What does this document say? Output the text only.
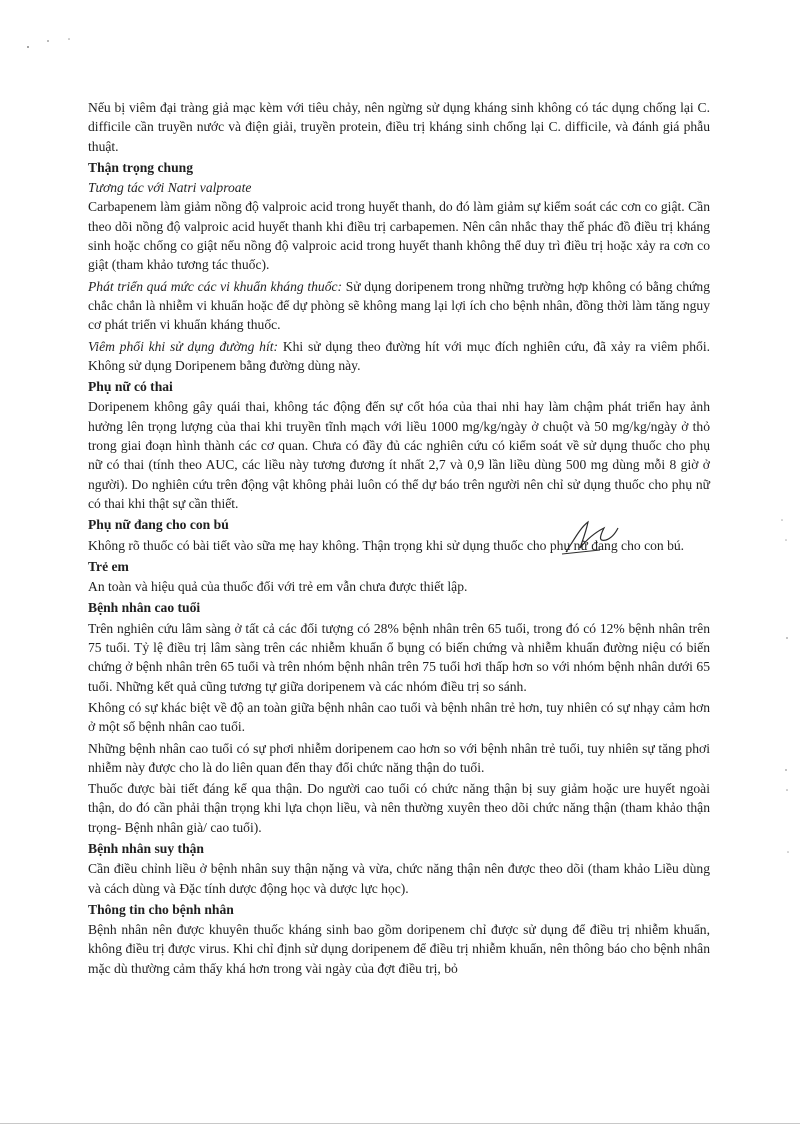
Nếu bị viêm đại tràng giả mạc kèm với tiêu chảy, nên ngừng sử dụng kháng sinh không có tác dụng chống lại C. difficile cần truyền nước và điện giải, truyền protein, điều trị kháng sinh chống lại C. difficile, và đánh giá phẫu thuật.

Thận trọng chung
Tương tác với Natri valproate

Carbapenem làm giảm nồng độ valproic acid trong huyết thanh, do đó làm giảm sự kiểm soát các cơn co giật. Cần theo dõi nồng độ valproic acid huyết thanh khi điều trị carbapemen. Nên cân nhắc thay thế phác đồ điều trị kháng sinh hoặc chống co giật nếu nồng độ valproic acid trong huyết thanh không thể duy trì điều trị hoặc xảy ra cơn co giật (tham khảo tương tác thuốc).

Phát triển quá mức các vi khuẩn kháng thuốc: Sử dụng doripenem trong những trường hợp không có bằng chứng chắc chắn là nhiễm vi khuẩn hoặc để dự phòng sẽ không mang lại lợi ích cho bệnh nhân, đồng thời làm tăng nguy cơ phát triển vi khuẩn kháng thuốc.

Viêm phổi khi sử dụng đường hít: Khi sử dụng theo đường hít với mục đích nghiên cứu, đã xảy ra viêm phổi. Không sử dụng Doripenem bằng đường dùng này.

Phụ nữ có thai

Doripenem không gây quái thai, không tác động đến sự cốt hóa của thai nhi hay làm chậm phát triển hay ảnh hưởng lên trọng lượng của thai khi truyền tĩnh mạch với liều 1000 mg/kg/ngày ở chuột và 50 mg/kg/ngày ở thỏ trong giai đoạn hình thành các cơ quan. Chưa có đầy đủ các nghiên cứu có kiểm soát về sử dụng thuốc cho phụ nữ có thai (tính theo AUC, các liều này tương đương ít nhất 2,7 và 0,9 lần liều dùng 500 mg dùng mỗi 8 giờ ở người). Do nghiên cứu trên động vật không phải luôn có thể dự báo trên người nên chỉ sử dụng thuốc cho phụ nữ có thai khi thật sự cần thiết.

Phụ nữ đang cho con bú

Không rõ thuốc có bài tiết vào sữa mẹ hay không. Thận trọng khi sử dụng thuốc cho phụ nữ đang cho con bú.

Trẻ em

An toàn và hiệu quả của thuốc đối với trẻ em vẫn chưa được thiết lập.

Bệnh nhân cao tuổi

Trên nghiên cứu lâm sàng ở tất cả các đối tượng có 28% bệnh nhân trên 65 tuổi, trong đó có 12% bệnh nhân trên 75 tuổi. Tỷ lệ điều trị lâm sàng trên các nhiễm khuẩn ổ bụng có biến chứng và nhiễm khuẩn đường niệu có biến chứng ở bệnh nhân trên 65 tuổi và trên nhóm bệnh nhân trên 75 tuổi hơi thấp hơn so với nhóm bệnh nhân dưới 65 tuổi. Những kết quả cũng tương tự giữa doripenem và các nhóm điều trị so sánh.

Không có sự khác biệt về độ an toàn giữa bệnh nhân cao tuổi và bệnh nhân trẻ hơn, tuy nhiên có sự nhạy cảm hơn ở một số bệnh nhân cao tuổi.

Những bệnh nhân cao tuổi có sự phơi nhiễm doripenem cao hơn so với bệnh nhân trẻ tuổi, tuy nhiên sự tăng phơi nhiễm này được cho là do liên quan đến thay đổi chức năng thận do tuổi.

Thuốc được bài tiết đáng kể qua thận. Do người cao tuổi có chức năng thận bị suy giảm hoặc ure huyết ngoài thận, do đó cần phải thận trọng khi lựa chọn liều, và nên thường xuyên theo dõi chức năng thận (tham khảo thận trọng- Bệnh nhân già/ cao tuổi).

Bệnh nhân suy thận

Cần điều chỉnh liều ở bệnh nhân suy thận nặng và vừa, chức năng thận nên được theo dõi (tham khảo Liều dùng và cách dùng và Đặc tính dược động học và dược lực học).

Thông tin cho bệnh nhân

Bệnh nhân nên được khuyên thuốc kháng sinh bao gồm doripenem chỉ được sử dụng để điều trị nhiễm khuẩn, không điều trị được virus. Khi chỉ định sử dụng doripenem để điều trị nhiễm khuẩn, nên thông báo cho bệnh nhân mặc dù thường cảm thấy khá hơn trong vài ngày của đợt điều trị, bỏ
